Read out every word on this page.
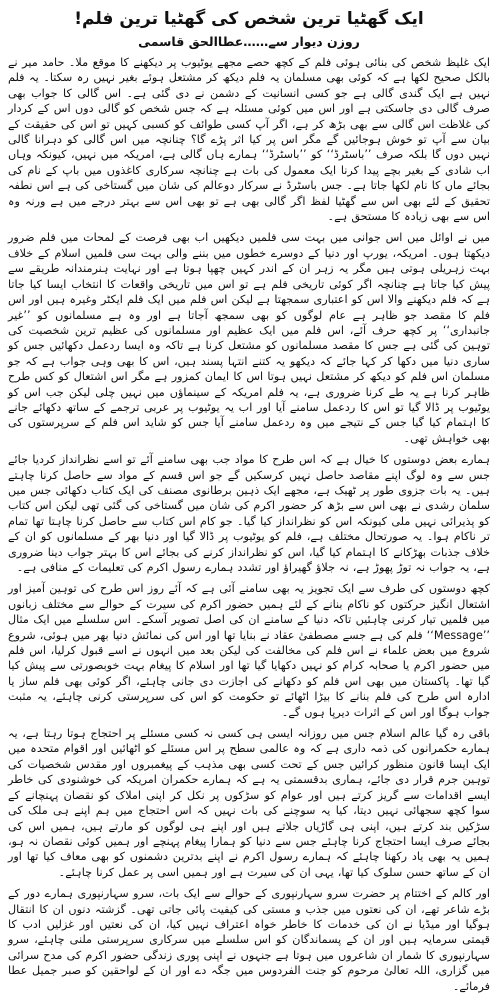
ایک گھٹیا ترین شخص کی گھٹیا ترین فلم!
روزن دیوار سے……عطاالحق قاسمی

ایک غلیظ شخص کی بنائی ہوئی فلم کے کچھ حصے مجھے یوٹیوب پر دیکھنے کا موقع ملا۔ حامد میر نے بالکل صحیح لکھا ہے کہ کوئی بھی مسلمان یہ فلم دیکھ کر مشتعل ہوئے بغیر نہیں رہ سکتا۔ یہ فلم نہیں ہے ایک گندی گالی ہے جو کسی انسانیت کے دشمن نے دی گئی ہے۔ اس گالی کا جواب بھی صرف گالی دی جاسکتی ہے اور اس میں کوئی مسئلہ ہے کہ جس شخص کو گالی دوں اس کے کردار کی غلاظت اس گالی سے بھی بڑھ کر ہے، اگر آپ کسی طوائف کو کسبی کہیں تو اس کی حقیقت کے بیان سے آپ تو خوش ہوجائیں گے مگر اس پر کیا اثر پڑے گا؟ چنانچہ میں اس گالی کو دہرانا گالی نہیں دوں گا بلکہ صرف ’’باسٹرڈ‘‘ کو ’’باسٹرڈ‘‘ ہمارے ہاں گالی ہے، امریکہ میں نہیں، کیونکہ وہاں اب شادی کے بغیر بچے پیدا کرنا ایک معمول کی بات ہے چنانچہ سرکاری کاغذوں میں باپ کے نام کی بجائے ماں کا نام لکھا جاتا ہے۔ جس باسٹرڈ نے سرکار دوعالم کی شان میں گستاخی کی ہے اس نطفہ تحقیق کے لئے بھی اس سے گھٹیا لفظ اگر گالی بھی ہے تو بھی اس سے بہتر درجے میں ہے ورنہ وہ اس سے بھی زیادہ کا مستحق ہے۔

میں نے اوائل میں اس جوانی میں بہت سی فلمیں دیکھیں اب بھی فرصت کے لمحات میں فلم ضرور دیکھتا ہوں۔ امریکہ، یورپ اور دنیا کے دوسرے خطوں میں بننے والی بہت سی فلمیں اسلام کے خلاف بہت زہریلی ہوتی ہیں مگر یہ زہر ان کے اندر کہیں چھپا ہوتا ہے اور نہایت ہنرمندانہ طریقے سے پیش کیا جاتا ہے چنانچہ اگر کوئی تاریخی فلم ہے تو اس میں تاریخی واقعات کا انتخاب ایسا کیا جاتا ہے کہ فلم دیکھنے والا اس کو اعتباری سمجھتا ہے لیکن اس فلم میں ایک فلم ایکٹر وغیرہ ہیں اور اس فلم کا مقصد جو ظاہر ہے عام لوگوں کو بھی سمجھ آجاتا ہے اور وہ ہے مسلمانوں کو ’’غیر جانبداری‘‘ پر کچھ حرف آئے، اس فلم میں ایک عظیم اور مسلمانوں کی عظیم ترین شخصیت کی توہین کی گئی ہے جس کا مقصد مسلمانوں کو مشتعل کرنا ہے تاکہ وہ ایسا ردعمل دکھائیں جس کو ساری دنیا میں دکھا کر کہا جائے کہ دیکھو یہ کتنے انتہا پسند ہیں، اس کا بھی وہی جواب ہے کہ جو مسلمان اس فلم کو دیکھ کر مشتعل نہیں ہوتا اس کا ایمان کمزور ہے مگر اس اشتعال کو کس طرح ظاہر کرنا ہے یہ طے کرنا ضروری ہے، یہ فلم امریکہ کے سینماؤں میں نہیں چلی لیکن جب اس کو یوٹیوب پر ڈالا گیا تو اس کا ردعمل سامنے آیا اور اب یہ یوٹیوب پر عربی ترجمے کے ساتھ دکھائے جانے کا اہتمام کیا گیا جس کے نتیجے میں وہ ردعمل سامنے آیا جس کو شاید اس فلم کے سرپرستوں کی بھی خواہش تھی۔

ہمارے بعض دوستوں کا خیال ہے کہ اس طرح کا مواد جب بھی سامنے آئے تو اسے نظرانداز کردیا جائے جس سے وہ لوگ اپنے مقاصد حاصل نہیں کرسکیں گے جو اس قسم کے مواد سے حاصل کرنا چاہتے ہیں۔ یہ بات جزوی طور پر ٹھیک ہے، مجھے ایک ذہین برطانوی مصنف کی ایک کتاب دکھائی جس میں سلمان رشدی نے بھی اس سے بڑھ کر حضور اکرم کی شان میں گستاخی کی گئی تھی لیکن اس کتاب کو پذیرائی نہیں ملی کیونکہ اس کو نظرانداز کیا گیا۔ جو کام اس کتاب سے حاصل کرنا چاہتا تھا تمام تر ناکام ہوا۔ یہ صورتحال مختلف ہے، فلم کو یوٹیوب پر ڈالا گیا اور دنیا بھر کے مسلمانوں کو ان کے خلاف جذبات بھڑکانے کا اہتمام کیا گیا، اس کو نظرانداز کرنے کی بجائے اس کا بہتر جواب دینا ضروری ہے، یہ جواب نہ توڑ پھوڑ ہے، نہ جلاؤ گھیراؤ اور تشدد ہمارے رسول اکرم کی تعلیمات کے منافی ہے۔

کچھ دوستوں کی طرف سے ایک تجویز یہ بھی سامنے آئی ہے کہ آئے روز اس طرح کی توہین آمیز اور اشتعال انگیز حرکتوں کو ناکام بنانے کے لئے ہمیں حضور اکرم کی سیرت کے حوالے سے مختلف زبانوں میں فلمیں تیار کرنی چاہئیں تاکہ دنیا کے سامنے ان کی اصل تصویر آسکے۔ اس سلسلے میں ایک مثال ’’Message‘‘ فلم کی ہے جسے مصطفیٰ عقاد نے بنایا تھا اور اس کی نمائش دنیا بھر میں ہوئی، شروع شروع میں بعض علماء نے اس فلم کی مخالفت کی لیکن بعد میں انہوں نے اسے قبول کرلیا، اس فلم میں حضور اکرم یا صحابہ کرام کو نہیں دکھایا گیا تھا اور اسلام کا پیغام بہت خوبصورتی سے پیش کیا گیا تھا۔ پاکستان میں بھی اس فلم کو دکھانے کی اجازت دی جانی چاہئے، اگر کوئی بھی فلم ساز یا ادارہ اس طرح کی فلم بنانے کا بیڑا اٹھائے تو حکومت کو اس کی سرپرستی کرنی چاہئے، یہ مثبت جواب ہوگا اور اس کے اثرات دیرپا ہوں گے۔

باقی رہ گیا عالم اسلام جس میں روزانہ ایسی ہی کسی نہ کسی مسئلے پر احتجاج ہوتا رہتا ہے، یہ ہمارے حکمرانوں کی ذمہ داری ہے کہ وہ عالمی سطح پر اس مسئلے کو اٹھائیں اور اقوام متحدہ میں ایک ایسا قانون منظور کرائیں جس کے تحت کسی بھی مذہب کے پیغمبروں اور مقدس شخصیات کی توہین جرم قرار دی جائے، ہماری بدقسمتی یہ ہے کہ ہمارے حکمران امریکہ کی خوشنودی کی خاطر ایسے اقدامات سے گریز کرتے ہیں اور عوام کو سڑکوں پر نکل کر اپنی املاک کو نقصان پہنچانے کے سوا کچھ سجھائی نہیں دیتا، کیا یہ سوچنے کی بات نہیں کہ اس احتجاج میں ہم اپنے ہی ملک کی سڑکیں بند کرتے ہیں، اپنی ہی گاڑیاں جلاتے ہیں اور اپنے ہی لوگوں کو مارتے ہیں، ہمیں اس کی بجائے صرف ایسا احتجاج کرنا چاہئے جس سے دنیا کو ہمارا پیغام پہنچے اور ہمیں کوئی نقصان نہ ہو، ہمیں یہ بھی یاد رکھنا چاہئے کہ ہمارے رسول اکرم نے اپنے بدترین دشمنوں کو بھی معاف کیا تھا اور ان کے ساتھ حسن سلوک کیا تھا، یہی ان کی سیرت ہے اور ہمیں اسی پر عمل کرنا چاہئے۔

اور کالم کے اختتام پر حضرت سرو سہارنپوری کے حوالے سے ایک بات، سرو سہارنپوری ہمارے دور کے بڑے شاعر تھے، ان کی نعتوں میں جذب و مستی کی کیفیت پائی جاتی تھی۔ گزشتہ دنوں ان کا انتقال ہوگیا اور میڈیا نے ان کی خدمات کا خاطر خواہ اعتراف نہیں کیا، ان کی نعتیں اور غزلیں ادب کا قیمتی سرمایہ ہیں اور ان کے پسماندگان کو اس سلسلے میں سرکاری سرپرستی ملنی چاہئے، سرو سہارنپوری کا شمار ان شاعروں میں ہوتا ہے جنہوں نے اپنی پوری زندگی حضور اکرم کی مدح سرائی میں گزاری، اللہ تعالیٰ مرحوم کو جنت الفردوس میں جگہ دے اور ان کے لواحقین کو صبر جمیل عطا فرمائے۔
